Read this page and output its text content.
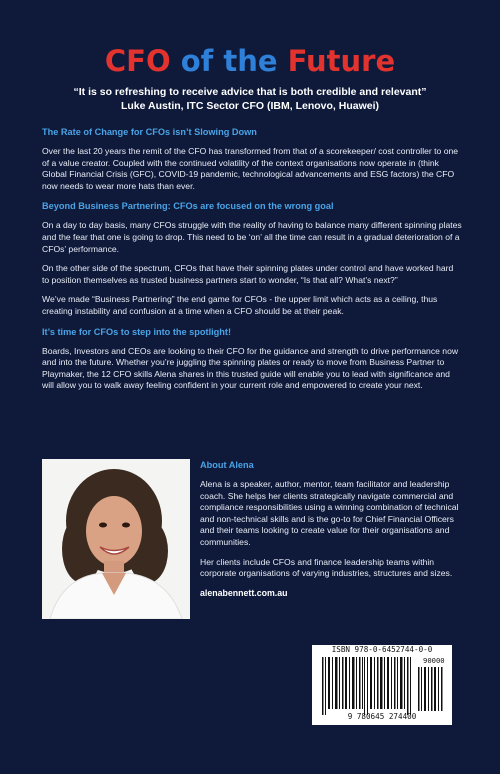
CFO of the Future
“It is so refreshing to receive advice that is both credible and relevant”
Luke Austin, ITC Sector CFO (IBM, Lenovo, Huawei)
The Rate of Change for CFOs isn’t Slowing Down
Over the last 20 years the remit of the CFO has transformed from that of a scorekeeper/ cost controller to one of a value creator. Coupled with the continued volatility of the context organisations now operate in (think Global Financial Crisis (GFC), COVID-19 pandemic, technological advancements and ESG factors) the CFO now needs to wear more hats than ever.
Beyond Business Partnering: CFOs are focused on the wrong goal
On a day to day basis, many CFOs struggle with the reality of having to balance many different spinning plates and the fear that one is going to drop. This need to be ‘on’ all the time can result in a gradual deterioration of a CFOs’ performance.
On the other side of the spectrum, CFOs that have their spinning plates under control and have worked hard to position themselves as trusted business partners start to wonder, “Is that all? What’s next?”
We’ve made “Business Partnering” the end game for CFOs - the upper limit which acts as a ceiling, thus creating instability and confusion at a time when a CFO should be at their peak.
It’s time for CFOs to step into the spotlight!
Boards, Investors and CEOs are looking to their CFO for the guidance and strength to drive performance now and into the future. Whether you’re juggling the spinning plates or ready to move from Business Partner to Playmaker, the 12 CFO skills Alena shares in this trusted guide will enable you to lead with significance and will allow you to walk away feeling confident in your current role and empowered to create your next.
About Alena
Alena is a speaker, author, mentor, team facilitator and leadership coach. She helps her clients strategically navigate commercial and compliance responsibilities using a winning combination of technical and non-technical skills and is the go-to for Chief Financial Officers and their teams looking to create value for their organisations and communities.
Her clients include CFOs and finance leadership teams within corporate organisations of varying industries, structures and sizes.
alenabennett.com.au
ISBN 978-0-6452744-0-0
90000
9 780645 274400
